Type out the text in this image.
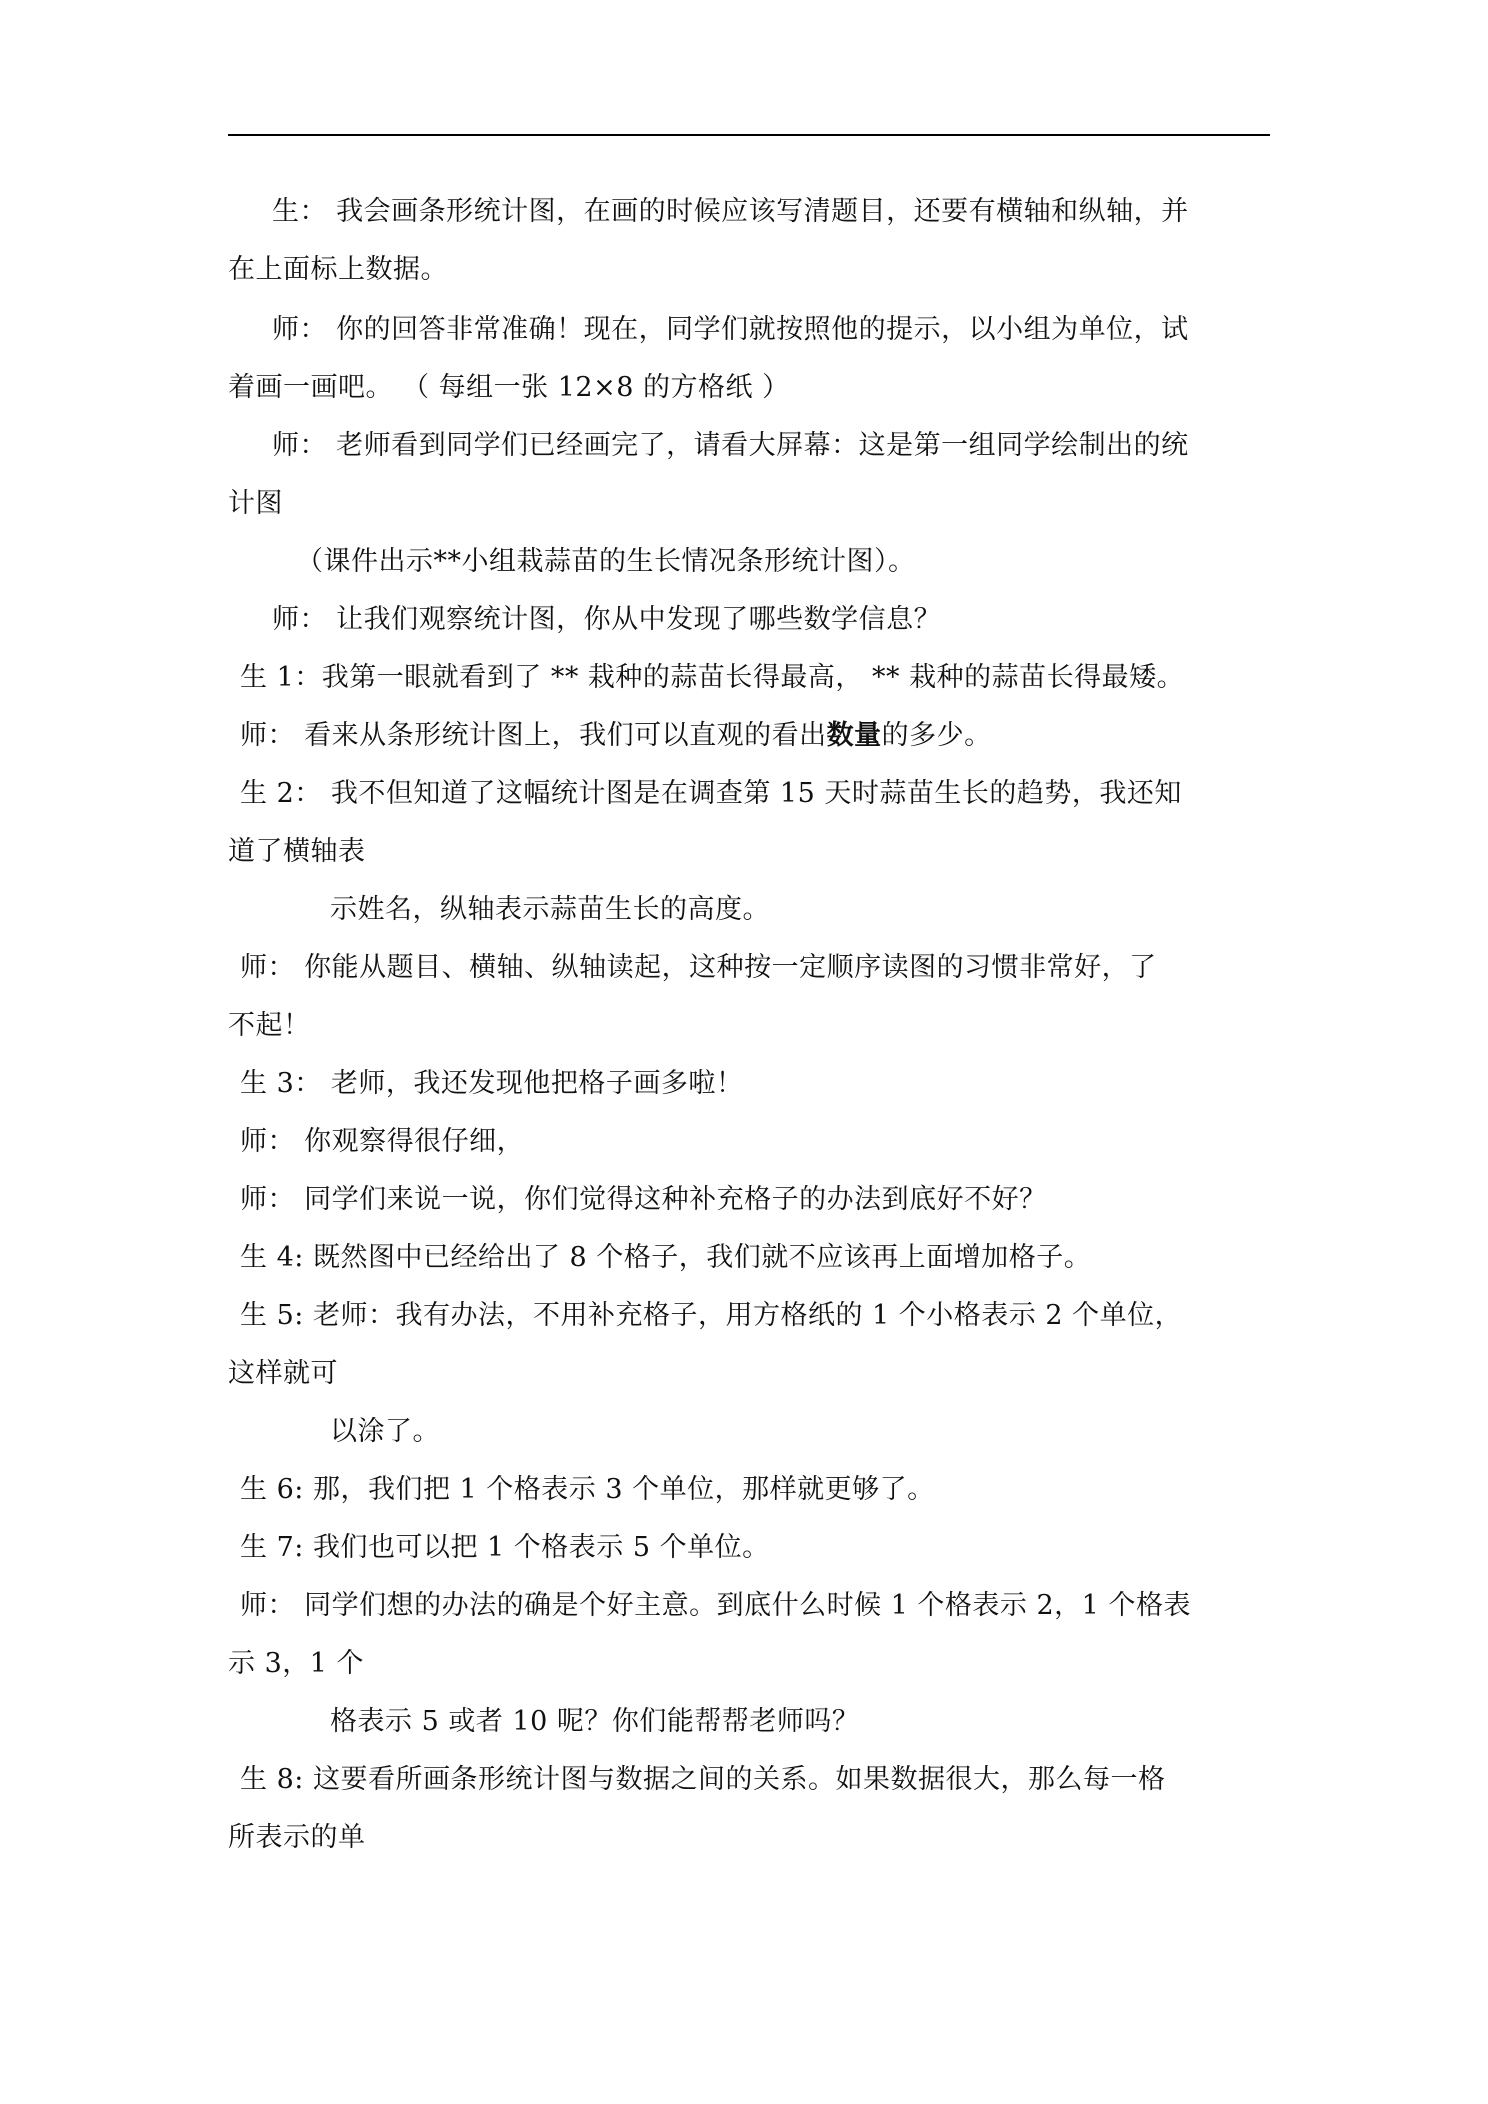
生： 我会画条形统计图，在画的时候应该写清题目，还要有横轴和纵轴，并
在上面标上数据。
师： 你的回答非常准确！现在，同学们就按照他的提示，以小组为单位，试
着画一画吧。 （ 每组一张 12×8 的方格纸 ）
师： 老师看到同学们已经画完了，请看大屏幕：这是第一组同学绘制出的统
计图
（课件出示**小组栽蒜苗的生长情况条形统计图）。
师： 让我们观察统计图，你从中发现了哪些数学信息？
生 1：我第一眼就看到了 ** 栽种的蒜苗长得最高， ** 栽种的蒜苗长得最矮。
师： 看来从条形统计图上，我们可以直观的看出数量的多少。
生 2： 我不但知道了这幅统计图是在调查第 15 天时蒜苗生长的趋势，我还知
道了横轴表
示姓名，纵轴表示蒜苗生长的高度。
师： 你能从题目、横轴、纵轴读起，这种按一定顺序读图的习惯非常好，了
不起！
生 3： 老师，我还发现他把格子画多啦！
师： 你观察得很仔细，
师： 同学们来说一说，你们觉得这种补充格子的办法到底好不好？
生 4: 既然图中已经给出了 8 个格子，我们就不应该再上面增加格子。
生 5: 老师：我有办法，不用补充格子，用方格纸的 1 个小格表示 2 个单位，
这样就可
以涂了。
生 6: 那，我们把 1 个格表示 3 个单位，那样就更够了。
生 7: 我们也可以把 1 个格表示 5 个单位。
师： 同学们想的办法的确是个好主意。到底什么时候 1 个格表示 2，1 个格表
示 3，1 个
格表示 5 或者 10 呢？你们能帮帮老师吗？
生 8: 这要看所画条形统计图与数据之间的关系。如果数据很大，那么每一格
所表示的单
